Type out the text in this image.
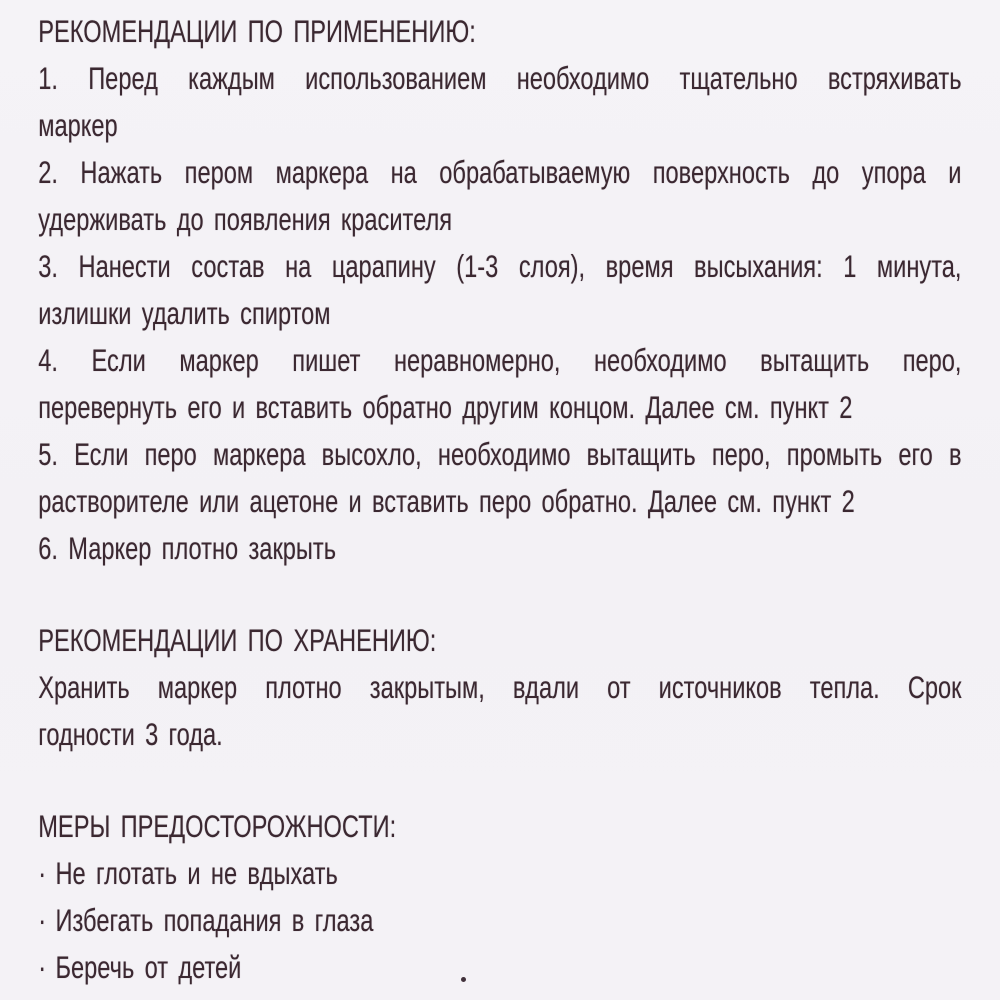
РЕКОМЕНДАЦИИ ПО ПРИМЕНЕНИЮ:
1. Перед каждым использованием необходимо тщательно встряхивать
маркер
2. Нажать пером маркера на обрабатываемую поверхность до упора и
удерживать до появления красителя
3. Нанести состав на царапину (1-3 слоя), время высыхания: 1 минута,
излишки удалить спиртом
4. Если маркер пишет неравномерно, необходимо вытащить перо,
перевернуть его и вставить обратно другим концом. Далее см. пункт 2
5. Если перо маркера высохло, необходимо вытащить перо, промыть его в
растворителе или ацетоне и вставить перо обратно. Далее см. пункт 2
6. Маркер плотно закрыть
РЕКОМЕНДАЦИИ ПО ХРАНЕНИЮ:
Хранить маркер плотно закрытым, вдали от источников тепла. Срок
годности 3 года.
МЕРЫ ПРЕДОСТОРОЖНОСТИ:
· Не глотать и не вдыхать
· Избегать попадания в глаза
· Беречь от детей
